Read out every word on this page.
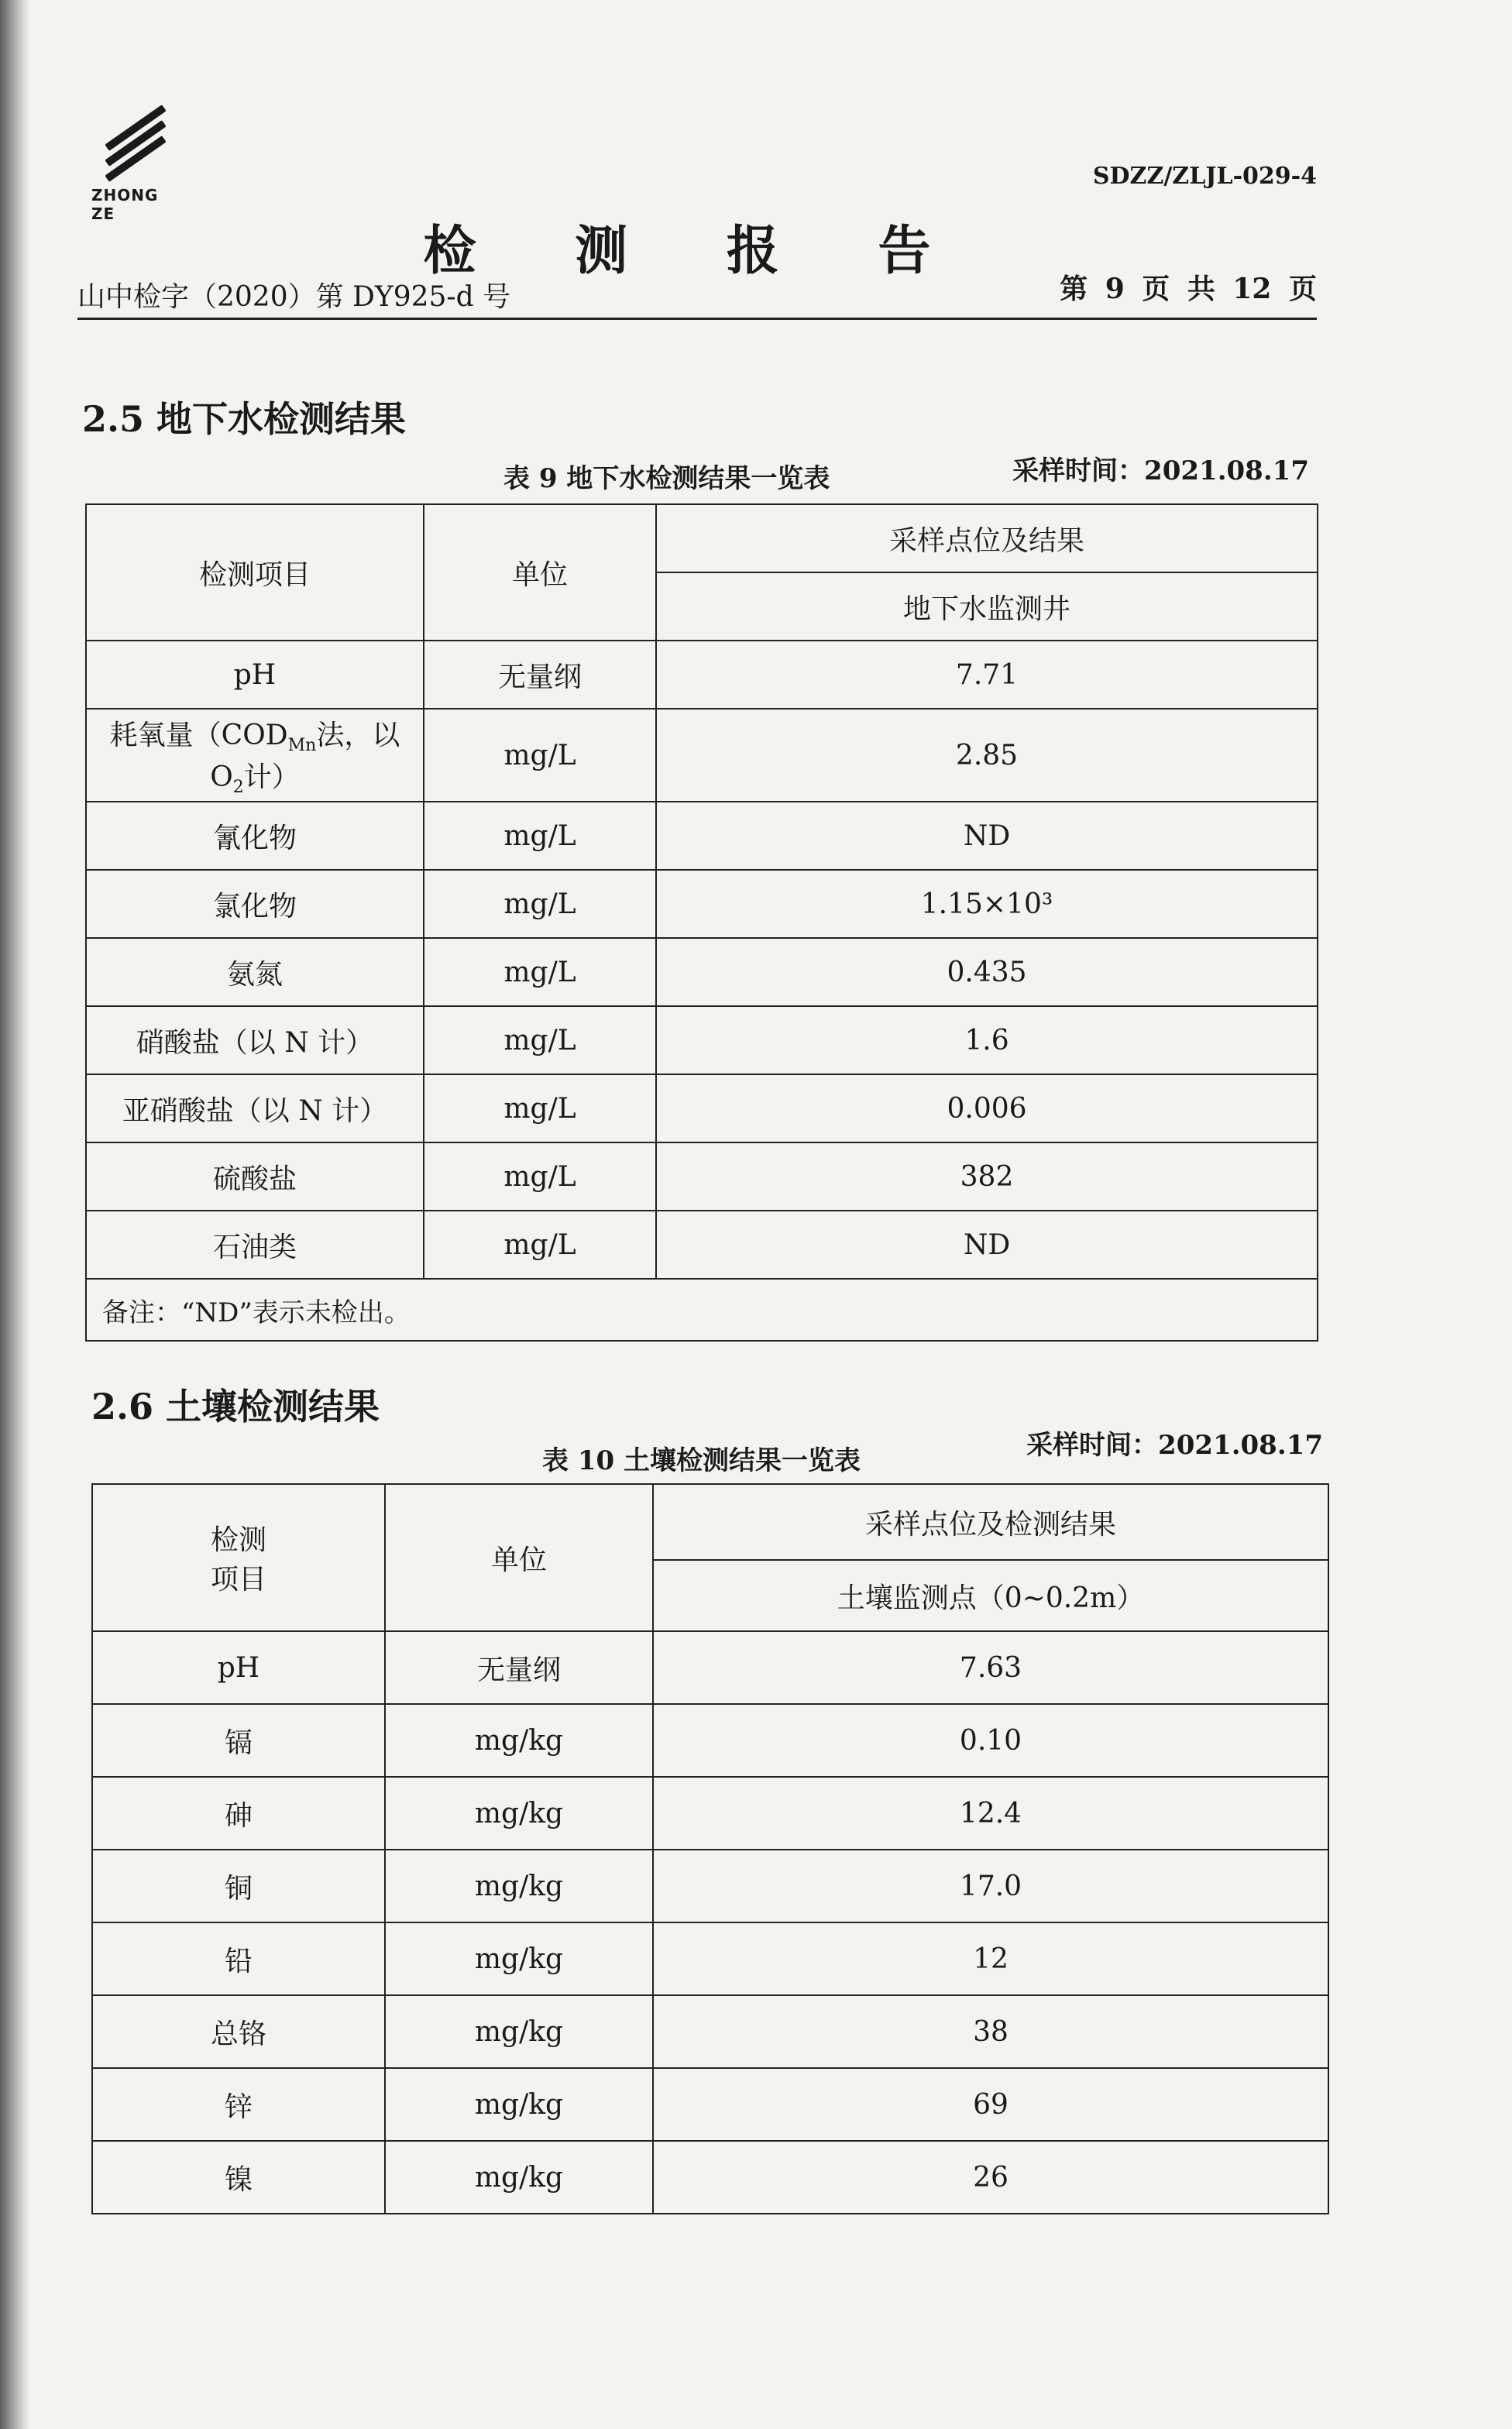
ZHONG ZE
SDZZ/ZLJL-029-4
检 测 报 告
山中检字（2020）第 DY925-d 号	第 9 页 共 12 页
2.5 地下水检测结果
表 9 地下水检测结果一览表	采样时间：2021.08.17
检测项目	单位	采样点位及结果
		地下水监测井
pH	无量纲	7.71
耗氧量（$COD_{Mn}$法，以
$O_2$计）	mg/L	2.85
氰化物	mg/L	ND
氯化物	mg/L	1.15×10³
氨氮	mg/L	0.435
硝酸盐（以 N 计）	mg/L	1.6
亚硝酸盐（以 N 计）	mg/L	0.006
硫酸盐	mg/L	382
石油类	mg/L	ND
备注：“ND”表示未检出。		
2.6 土壤检测结果
表 10 土壤检测结果一览表	采样时间：2021.08.17
检测
项目	单位	采样点位及检测结果
		土壤监测点（0~0.2m）
pH	无量纲	7.63
镉	mg/kg	0.10
砷	mg/kg	12.4
铜	mg/kg	17.0
铅	mg/kg	12
总铬	mg/kg	38
锌	mg/kg	69
镍	mg/kg	26
